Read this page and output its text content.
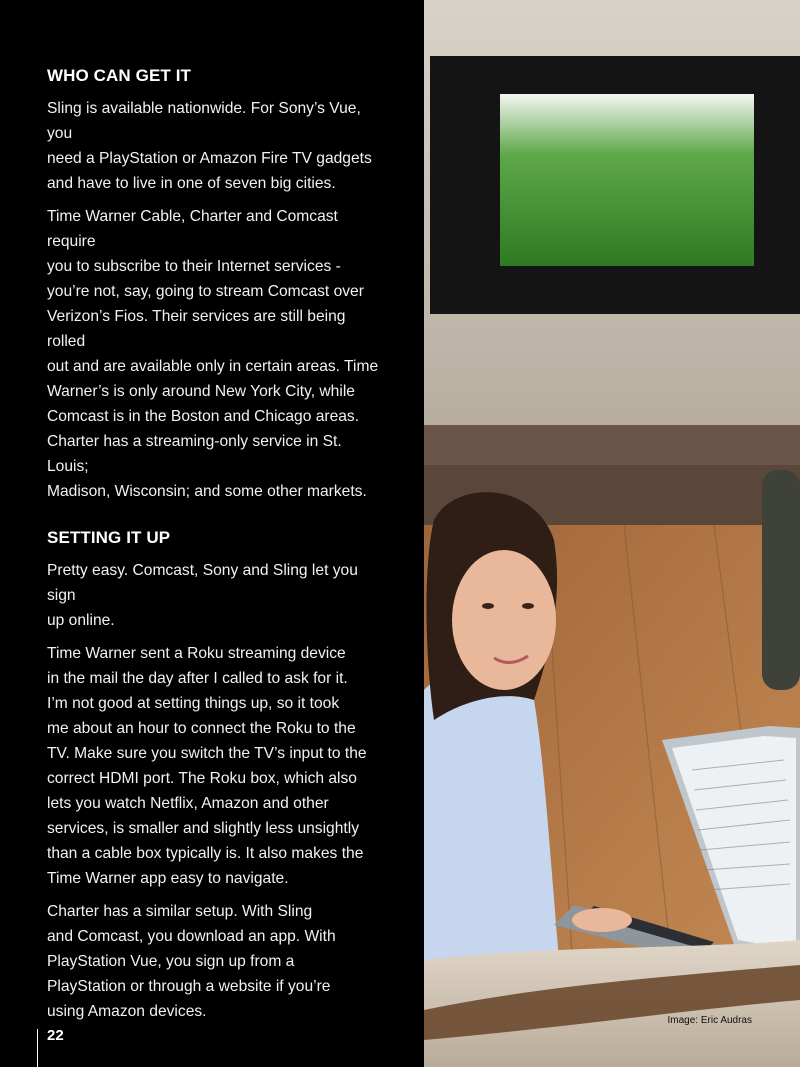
WHO CAN GET IT

Sling is available nationwide. For Sony’s Vue, you
need a PlayStation or Amazon Fire TV gadgets
and have to live in one of seven big cities.

Time Warner Cable, Charter and Comcast require
you to subscribe to their Internet services -
you’re not, say, going to stream Comcast over
Verizon’s Fios. Their services are still being rolled
out and are available only in certain areas. Time
Warner’s is only around New York City, while
Comcast is in the Boston and Chicago areas.
Charter has a streaming-only service in St. Louis;
Madison, Wisconsin; and some other markets.

SETTING IT UP

Pretty easy. Comcast, Sony and Sling let you sign
up online.

Time Warner sent a Roku streaming device
in the mail the day after I called to ask for it.
I’m not good at setting things up, so it took
me about an hour to connect the Roku to the
TV. Make sure you switch the TV’s input to the
correct HDMI port. The Roku box, which also
lets you watch Netflix, Amazon and other
services, is smaller and slightly less unsightly
than a cable box typically is. It also makes the
Time Warner app easy to navigate.

Charter has a similar setup. With Sling
and Comcast, you download an app. With
PlayStation Vue, you sign up from a
PlayStation or through a website if you’re
using Amazon devices.

22
Image: Eric Audras
